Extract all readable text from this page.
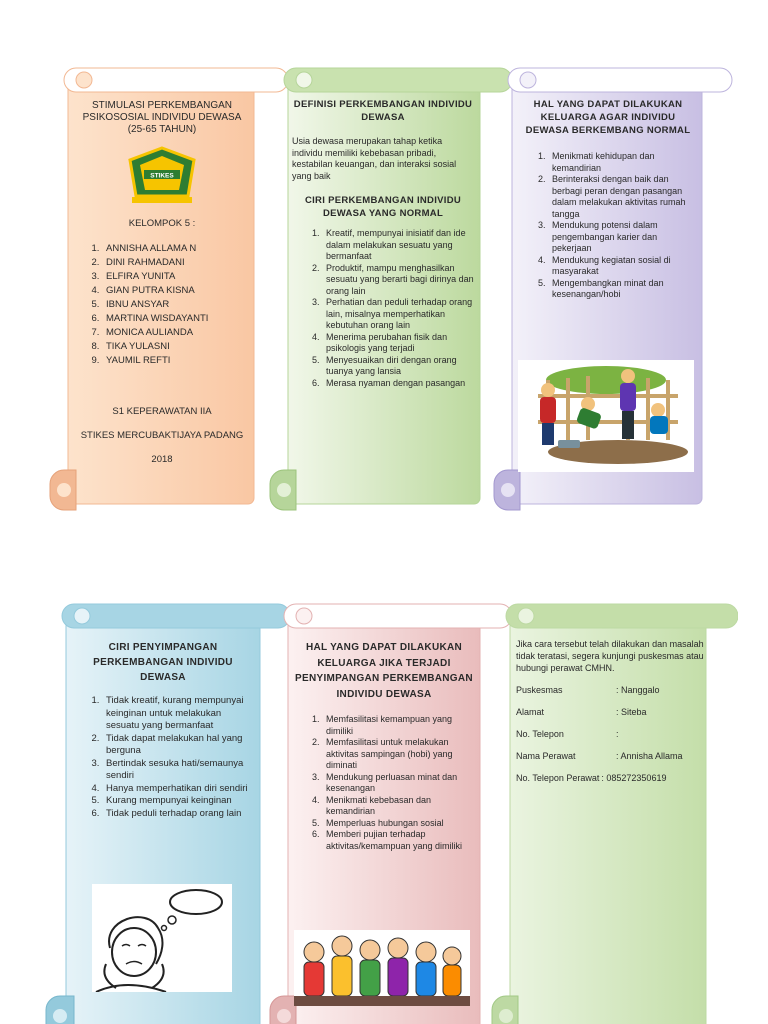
STIMULASI PERKEMBANGAN PSIKOSOSIAL INDIVIDU DEWASA (25-65 TAHUN)
STIKES
KELOMPOK 5 :
1. ANNISHA ALLAMA N
2. DINI RAHMADANI
3. ELFIRA YUNITA
4. GIAN PUTRA KISNA
5. IBNU ANSYAR
6. MARTINA WISDAYANTI
7. MONICA AULIANDA
8. TIKA YULASNI
9. YAUMIL REFTI
S1 KEPERAWATAN IIA
STIKES MERCUBAKTIJAYA PADANG
2018
DEFINISI PERKEMBANGAN INDIVIDU DEWASA
Usia dewasa merupakan tahap ketika individu memiliki kebebasan pribadi, kestabilan keuangan, dan interaksi sosial yang baik
CIRI PERKEMBANGAN INDIVIDU DEWASA YANG NORMAL
1. Kreatif, mempunyai inisiatif dan ide dalam melakukan sesuatu yang bermanfaat
2. Produktif, mampu menghasilkan sesuatu yang berarti bagi dirinya dan orang lain
3. Perhatian dan peduli terhadap orang lain, misalnya memperhatikan kebutuhan orang lain
4. Menerima perubahan fisik dan psikologis yang terjadi
5. Menyesuaikan diri dengan orang tuanya yang lansia
6. Merasa nyaman dengan pasangan
HAL YANG DAPAT DILAKUKAN KELUARGA AGAR INDIVIDU DEWASA BERKEMBANG NORMAL
1. Menikmati kehidupan dan kemandirian
2. Berinteraksi dengan baik dan berbagi peran dengan pasangan dalam melakukan aktivitas rumah tangga
3. Mendukung potensi dalam pengembangan karier dan pekerjaan
4. Mendukung kegiatan sosial di masyarakat
5. Mengembangkan minat dan kesenangan/hobi
CIRI PENYIMPANGAN PERKEMBANGAN INDIVIDU DEWASA
1. Tidak kreatif, kurang mempunyai keinginan untuk melakukan sesuatu yang bermanfaat
2. Tidak dapat melakukan hal yang berguna
3. Bertindak sesuka hati/semaunya sendiri
4. Hanya memperhatikan diri sendiri
5. Kurang mempunyai keinginan
6. Tidak peduli terhadap orang lain
HAL YANG DAPAT DILAKUKAN KELUARGA JIKA TERJADI PENYIMPANGAN PERKEMBANGAN INDIVIDU DEWASA
1. Memfasilitasi kemampuan yang dimiliki
2. Memfasilitasi untuk melakukan aktivitas sampingan (hobi) yang diminati
3. Mendukung perluasan minat dan kesenangan
4. Menikmati kebebasan dan kemandirian
5. Memperluas hubungan sosial
6. Memberi pujian terhadap aktivitas/kemampuan yang dimiliki
Jika cara tersebut telah dilakukan dan masalah tidak teratasi, segera kunjungi puskesmas atau hubungi perawat CMHN.
Puskesmas	: Nanggalo
Alamat	: Siteba
No. Telepon	:
Nama Perawat	: Annisha Allama
No. Telepon Perawat : 085272350619
